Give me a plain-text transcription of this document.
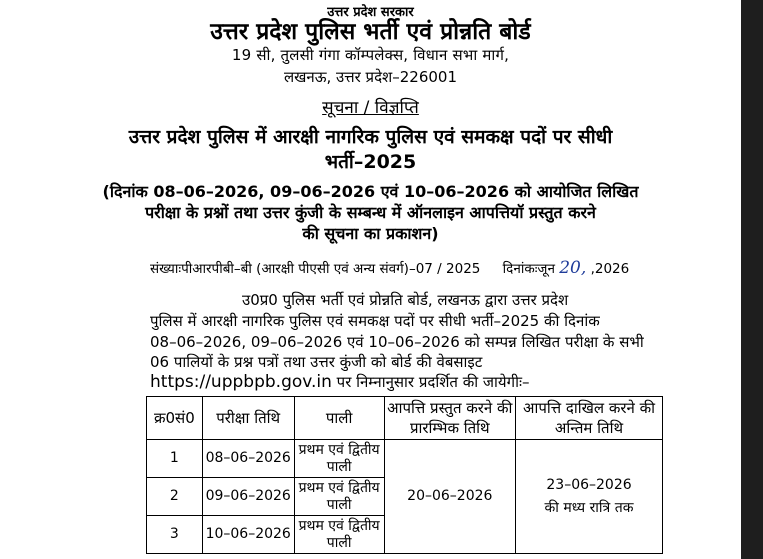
उत्तर प्रदेश सरकार
उत्तर प्रदेश पुलिस भर्ती एवं प्रोन्नति बोर्ड
19 सी, तुलसी गंगा कॉम्पलेक्स, विधान सभा मार्ग,
लखनऊ, उत्तर प्रदेश–226001
सूचना / विज्ञप्ति
उत्तर प्रदेश पुलिस में आरक्षी नागरिक पुलिस एवं समकक्ष पदों पर सीधी
भर्ती–2025
(दिनांक 08–06–2026, 09–06–2026 एवं 10–06–2026 को आयोजित लिखित
परीक्षा के प्रश्नों तथा उत्तर कुंजी के सम्बन्ध में ऑनलाइन आपत्तियॉ प्रस्तुत करने
की सूचना का प्रकाशन)
संख्याःपीआरपीबी–बी (आरक्षी पीएसी एवं अन्य संवर्ग)–07 / 2025 दिनांकःजून 20, ,2026
उ0प्र0 पुलिस भर्ती एवं प्रोन्नति बोर्ड, लखनऊ द्वारा उत्तर प्रदेश
पुलिस में आरक्षी नागरिक पुलिस एवं समकक्ष पदों पर सीधी भर्ती–2025 की दिनांक
08–06–2026, 09–06–2026 एवं 10–06–2026 को सम्पन्न लिखित परीक्षा के सभी
06 पालियों के प्रश्न पत्रों तथा उत्तर कुंजी को बोर्ड की वेबसाइट
https://uppbpb.gov.in पर निम्नानुसार प्रदर्शित की जायेगीः–
क्र0सं0	परीक्षा तिथि	पाली	आपत्ति प्रस्तुत करने की प्रारम्भिक तिथि	आपत्ति दाखिल करने की अन्तिम तिथि
1	08–06–2026	प्रथम एवं द्वितीय पाली	20–06–2026	23–06–2026
की मध्य रात्रि तक

2	09–06–2026	प्रथम एवं द्वितीय पाली		
3	10–06–2026	प्रथम एवं द्वितीय पाली		
